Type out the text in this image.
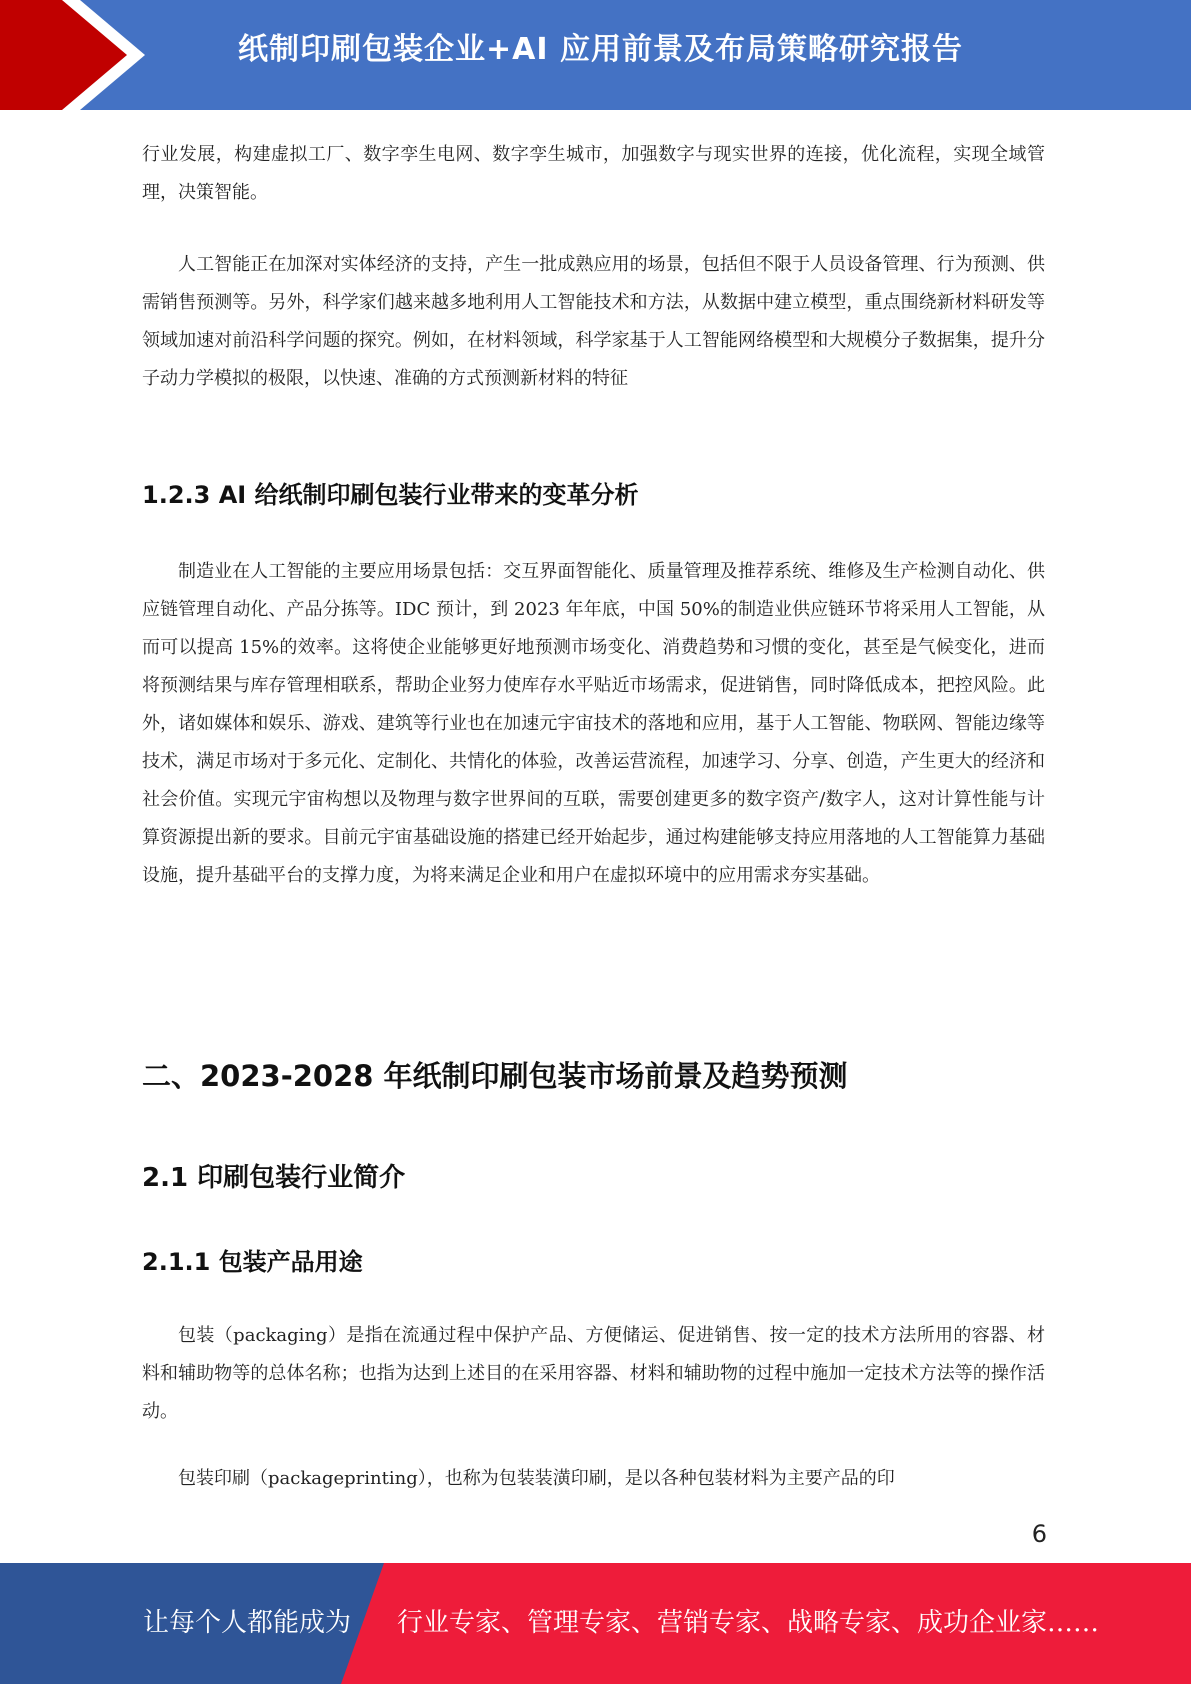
纸制印刷包装企业+AI 应用前景及布局策略研究报告

行业发展，构建虚拟工厂、数字孪生电网、数字孪生城市，加强数字与现实世界的连接，优化流程，实现全域管理，决策智能。

人工智能正在加深对实体经济的支持，产生一批成熟应用的场景，包括但不限于人员设备管理、行为预测、供需销售预测等。另外，科学家们越来越多地利用人工智能技术和方法，从数据中建立模型，重点围绕新材料研发等领域加速对前沿科学问题的探究。例如，在材料领域，科学家基于人工智能网络模型和大规模分子数据集，提升分子动力学模拟的极限，以快速、准确的方式预测新材料的特征

1.2.3 AI 给纸制印刷包装行业带来的变革分析

制造业在人工智能的主要应用场景包括：交互界面智能化、质量管理及推荐系统、维修及生产检测自动化、供应链管理自动化、产品分拣等。IDC 预计，到 2023 年年底，中国 50%的制造业供应链环节将采用人工智能，从而可以提高 15%的效率。这将使企业能够更好地预测市场变化、消费趋势和习惯的变化，甚至是气候变化，进而将预测结果与库存管理相联系，帮助企业努力使库存水平贴近市场需求，促进销售，同时降低成本，把控风险。此外，诸如媒体和娱乐、游戏、建筑等行业也在加速元宇宙技术的落地和应用，基于人工智能、物联网、智能边缘等技术，满足市场对于多元化、定制化、共情化的体验，改善运营流程，加速学习、分享、创造，产生更大的经济和社会价值。实现元宇宙构想以及物理与数字世界间的互联，需要创建更多的数字资产/数字人，这对计算性能与计算资源提出新的要求。目前元宇宙基础设施的搭建已经开始起步，通过构建能够支持应用落地的人工智能算力基础设施，提升基础平台的支撑力度，为将来满足企业和用户在虚拟环境中的应用需求夯实基础。

二、2023-2028 年纸制印刷包装市场前景及趋势预测
2.1 印刷包装行业简介
2.1.1 包装产品用途

包装（packaging）是指在流通过程中保护产品、方便储运、促进销售、按一定的技术方法所用的容器、材料和辅助物等的总体名称；也指为达到上述目的在采用容器、材料和辅助物的过程中施加一定技术方法等的操作活动。

包装印刷（packageprinting），也称为包装装潢印刷，是以各种包装材料为主要产品的印

6
让每个人都能成为 行业专家、管理专家、营销专家、战略专家、成功企业家……
